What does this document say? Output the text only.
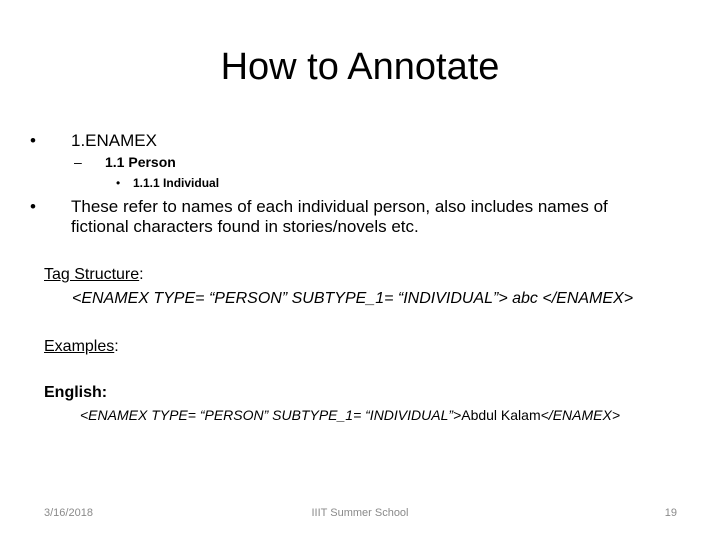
How to Annotate
•	1.ENAMEX
–	1.1 Person
•	1.1.1 Individual
•	These refer to names of each individual person, also includes names of fictional characters found in stories/novels etc.
Tag Structure:
<ENAMEX TYPE= “PERSON” SUBTYPE_1= “INDIVIDUAL”> abc </ENAMEX>
Examples:
English:
<ENAMEX TYPE= “PERSON” SUBTYPE_1= “INDIVIDUAL”>Abdul Kalam</ENAMEX>
3/16/2018	IIIT Summer School	19
